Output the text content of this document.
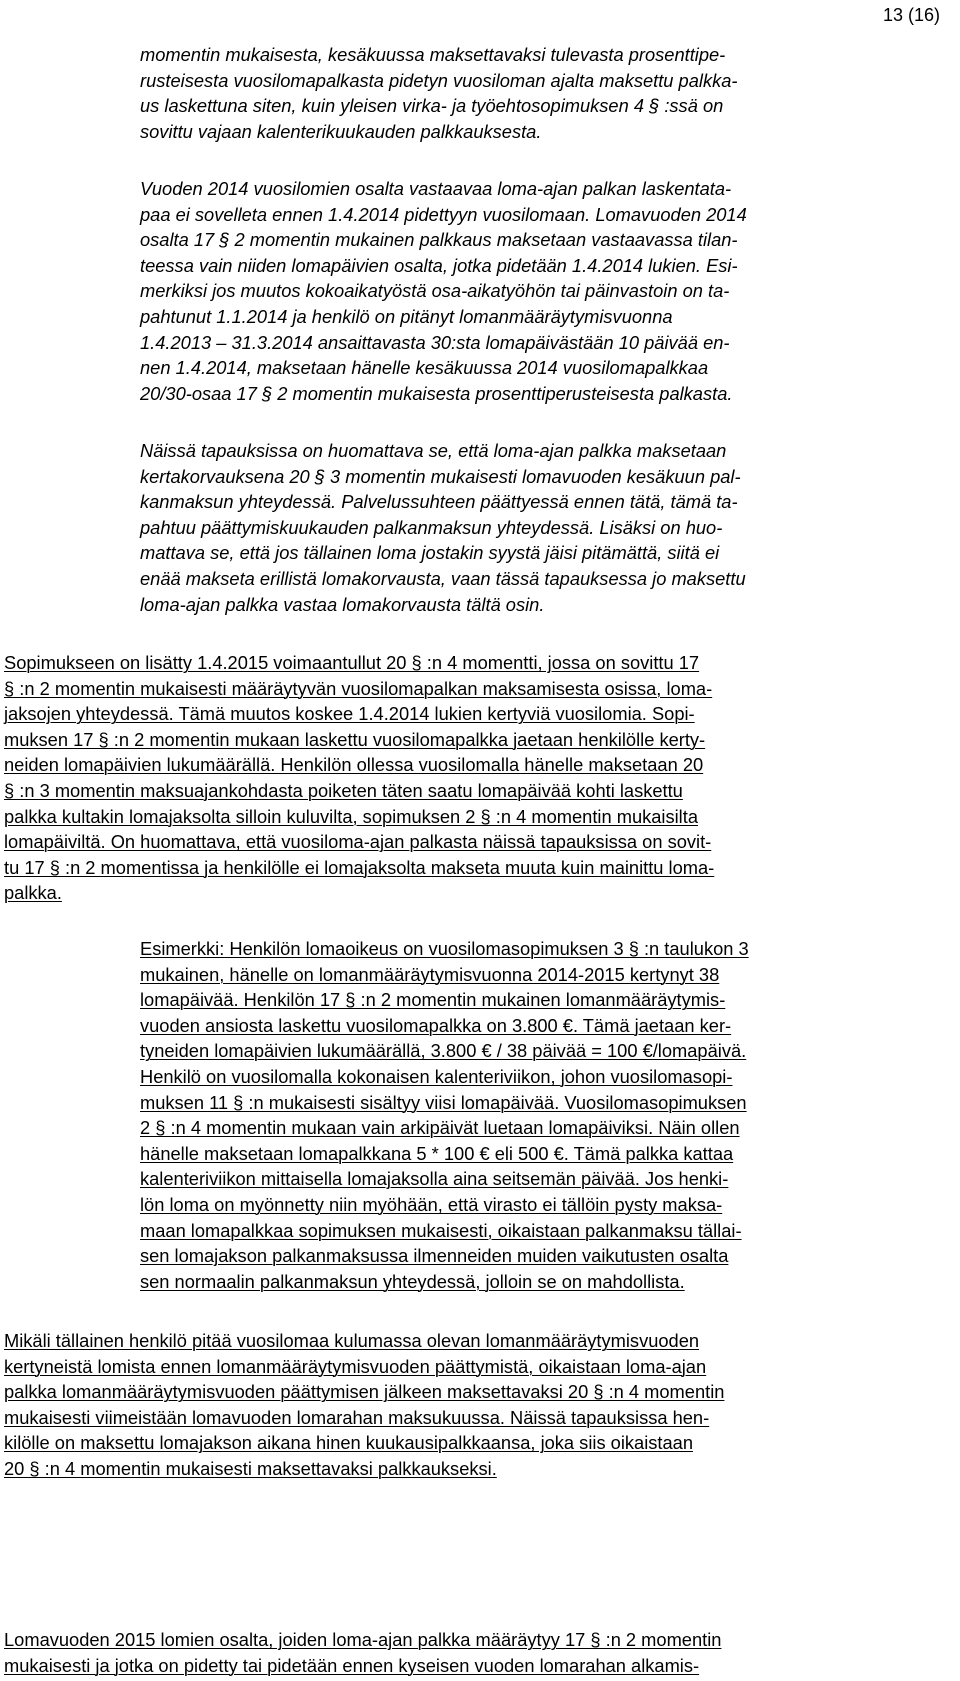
13 (16)
momentin mukaisesta, kesäkuussa maksettavaksi tulevasta prosenttipe-
rusteisesta vuosilomapalkasta pidetyn vuosiloman ajalta maksettu palkka-
us laskettuna siten, kuin yleisen virka- ja työehtosopimuksen 4 § :ssä on
sovittu vajaan kalenterikuukauden palkkauksesta.
Vuoden 2014 vuosilomien osalta vastaavaa loma-ajan palkan laskentata-
paa ei sovelleta ennen 1.4.2014 pidettyyn vuosilomaan. Lomavuoden 2014
osalta 17 § 2 momentin mukainen palkkaus maksetaan vastaavassa tilan-
teessa vain niiden lomapäivien osalta, jotka pidetään 1.4.2014 lukien. Esi-
merkiksi jos muutos kokoaikatyöstä osa-aikatyöhön tai päinvastoin on ta-
pahtunut 1.1.2014 ja henkilö on pitänyt lomanmääräytymisvuonna
1.4.2013 – 31.3.2014 ansaittavasta 30:sta lomapäivästään 10 päivää en-
nen 1.4.2014, maksetaan hänelle kesäkuussa 2014 vuosilomapalkkaa
20/30-osaa 17 § 2 momentin mukaisesta prosenttiperusteisesta palkasta.
Näissä tapauksissa on huomattava se, että loma-ajan palkka maksetaan
kertakorvauksena 20 § 3 momentin mukaisesti lomavuoden kesäkuun pal-
kanmaksun yhteydessä. Palvelussuhteen päättyessä ennen tätä, tämä ta-
pahtuu päättymiskuukauden palkanmaksun yhteydessä. Lisäksi on huo-
mattava se, että jos tällainen loma jostakin syystä jäisi pitämättä, siitä ei
enää makseta erillistä lomakorvausta, vaan tässä tapauksessa jo maksettu
loma-ajan palkka vastaa lomakorvausta tältä osin.
Sopimukseen on lisätty 1.4.2015 voimaantullut 20 § :n 4 momentti, jossa on sovittu 17
§ :n 2 momentin mukaisesti määräytyvän vuosilomapalkan maksamisesta osissa, loma-
jaksojen yhteydessä. Tämä muutos koskee 1.4.2014 lukien kertyviä vuosilomia. Sopi-
muksen 17 § :n 2 momentin mukaan laskettu vuosilomapalkka jaetaan henkilölle kerty-
neiden lomapäivien lukumäärällä. Henkilön ollessa vuosilomalla hänelle maksetaan 20
§ :n 3 momentin maksuajankohdasta poiketen täten saatu lomapäivää kohti laskettu
palkka kultakin lomajaksolta silloin kuluvilta, sopimuksen 2 § :n 4 momentin mukaisilta
lomapäiviltä. On huomattava, että vuosiloma-ajan palkasta näissä tapauksissa on sovit-
tu 17 § :n 2 momentissa ja henkilölle ei lomajaksolta makseta muuta kuin mainittu loma-
palkka.
Esimerkki: Henkilön lomaoikeus on vuosilomasopimuksen 3 § :n taulukon 3
mukainen, hänelle on lomanmääräytymisvuonna 2014-2015 kertynyt 38
lomapäivää. Henkilön 17 § :n 2 momentin mukainen lomanmääräytymis-
vuoden ansiosta laskettu vuosilomapalkka on 3.800 €. Tämä jaetaan ker-
tyneiden lomapäivien lukumäärällä, 3.800 € / 38 päivää = 100 €/lomapäivä.
Henkilö on vuosilomalla kokonaisen kalenteriviikon, johon vuosilomasopi-
muksen 11 § :n mukaisesti sisältyy viisi lomapäivää. Vuosilomasopimuksen
2 § :n 4 momentin mukaan vain arkipäivät luetaan lomapäiviksi. Näin ollen
hänelle maksetaan lomapalkkana 5 * 100 € eli 500 €. Tämä palkka kattaa
kalenteriviikon mittaisella lomajaksolla aina seitsemän päivää. Jos henki-
lön loma on myönnetty niin myöhään, että virasto ei tällöin pysty maksa-
maan lomapalkkaa sopimuksen mukaisesti, oikaistaan palkanmaksu tällai-
sen lomajakson palkanmaksussa ilmenneiden muiden vaikutusten osalta
sen normaalin palkanmaksun yhteydessä, jolloin se on mahdollista.
Mikäli tällainen henkilö pitää vuosilomaa kulumassa olevan lomanmääräytymisvuoden
kertyneistä lomista ennen lomanmääräytymisvuoden päättymistä, oikaistaan loma-ajan
palkka lomanmääräytymisvuoden päättymisen jälkeen maksettavaksi 20 § :n 4 momentin
mukaisesti viimeistään lomavuoden lomarahan maksukuussa. Näissä tapauksissa hen-
kilölle on maksettu lomajakson aikana hinen kuukausipalkkaansa, joka siis oikaistaan
20 § :n 4 momentin mukaisesti maksettavaksi palkkaukseksi.
Lomavuoden 2015 lomien osalta, joiden loma-ajan palkka määräytyy 17 § :n 2 momentin
mukaisesti ja jotka on pidetty tai pidetään ennen kyseisen vuoden lomarahan alkamis-
